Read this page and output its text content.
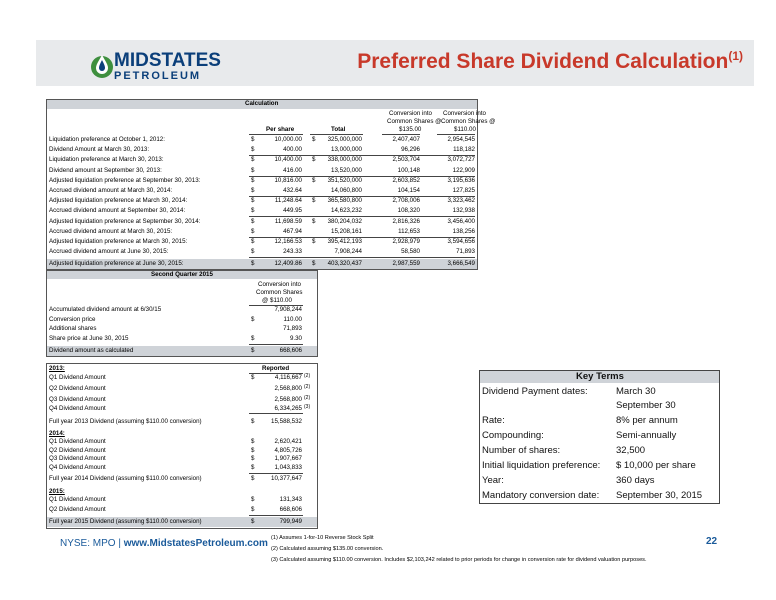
MIDSTATES
PETROLEUM
Preferred Share Dividend Calculation$^{(1)}$
Calculation
Conversion into
Common Shares @
$135.00
Conversion into
Common Shares @
$110.00
Per share	Total
Liquidation preference at October 1, 2012:	$	10,000.00 $	325,000,000	2,407,407	2,954,545
Dividend Amount at March 30, 2013:	$	400.00	13,000,000	96,296	118,182
Liquidation preference at March 30, 2013:	$	10,400.00 $	338,000,000	2,503,704	3,072,727
Dividend amount at September 30, 2013:	$	416.00	13,520,000	100,148	122,909
Adjusted liquidation preference at September 30, 2013:	$	10,816.00 $	351,520,000	2,603,852	3,195,636
Accrued dividend amount at March 30, 2014:	$	432.64	14,060,800	104,154	127,825
Adjusted liquidation preference at March 30, 2014:	$	11,248.64 $	365,580,800	2,708,006	3,323,462
Accrued dividend amount at September 30, 2014:	$	449.95	14,623,232	108,320	132,938
Adjusted liquidation preference at September 30, 2014:	$	11,698.59 $	380,204,032	2,816,326	3,456,400
Accrued dividend amount at March 30, 2015:	$	467.94	15,208,161	112,653	138,256
Adjusted liquidation preference at March 30, 2015:	$	12,166.53 $	395,412,193	2,928,979	3,594,656
Accrued dividend amount at June 30, 2015:	$	243.33	7,908,244	58,580	71,893
Adjusted liquidation preference at June 30, 2015:	$	12,409.86 $	403,320,437	2,987,559	3,666,549
Second Quarter 2015
Conversion into
Common Shares
@ $110.00
Accumulated dividend amount at 6/30/15	7,908,244
Conversion price	$	110.00
Additional shares	71,893
Share price at June 30, 2015	$	9.30
Dividend amount as calculated	$	668,606
2013:	Reported
Q1 Dividend Amount	$	4,116,667 (2)
Q2 Dividend Amount	2,568,800 (2)
Q3 Dividend Amount	2,568,800 (2)
Q4 Dividend Amount	6,334,265 (3)
Full year 2013 Dividend (assuming $110.00 conversion)	$	15,588,532
2014:
Q1 Dividend Amount	$	2,620,421
Q2 Dividend Amount	$	4,805,726
Q3 Dividend Amount	$	1,907,667
Q4 Dividend Amount	$	1,043,833
Full year 2014 Dividend (assuming $110.00 conversion)	$	10,377,647
2015:
Q1 Dividend Amount	$	131,343
Q2 Dividend Amount	$	668,606
Full year 2015 Dividend (assuming $110.00 conversion)	$	799,949
Key Terms
Dividend Payment dates:	March 30
September 30
Rate:	8% per annum
Compounding:	Semi-annually
Number of shares:	32,500
Initial liquidation preference: $ 10,000 per share
Year:	360 days
Mandatory conversion date: September 30, 2015
(1) Assumes 1-for-10 Reverse Stock Split
(2) Calculated assuming $135.00 conversion.
(3) Calculated assuming $110.00 conversion. Includes $2,103,242 related to prior periods for change in conversion rate for dividend valuation purposes.
NYSE: MPO | www.MidstatesPetroleum.com	22
